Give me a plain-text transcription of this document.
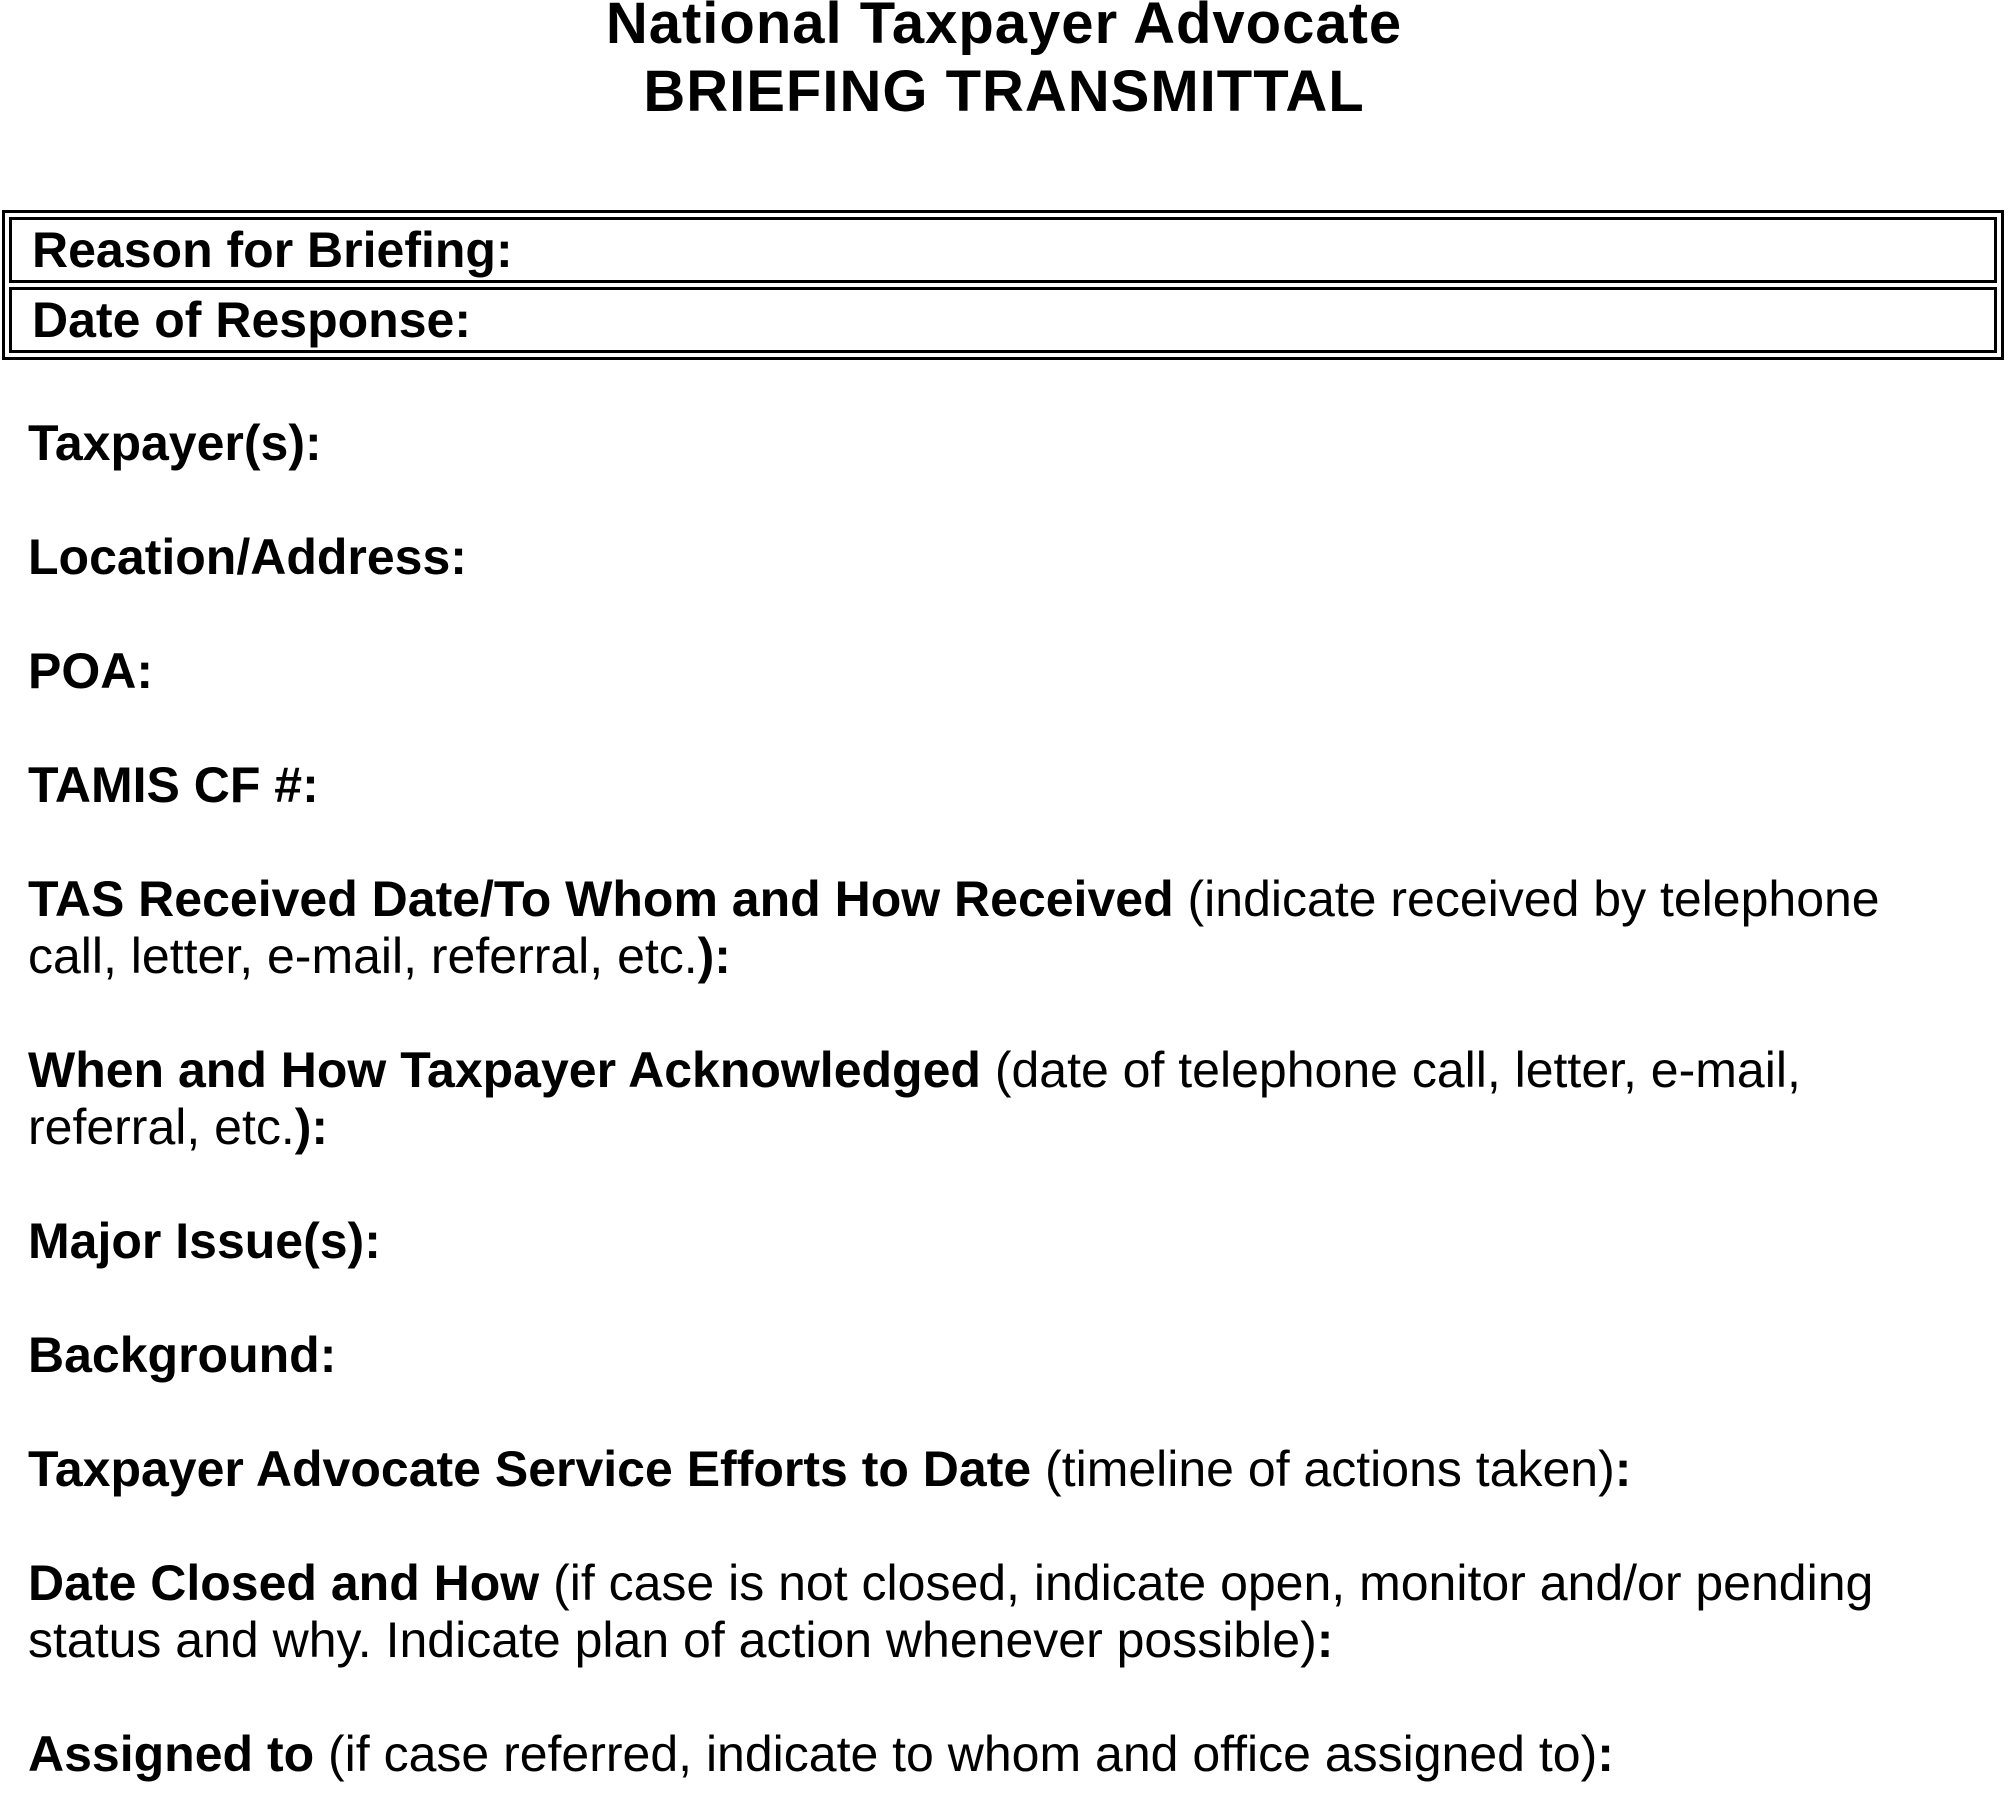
National Taxpayer Advocate
BRIEFING TRANSMITTAL
Reason for Briefing:
Date of Response:

Taxpayer(s):

Location/Address:

POA:

TAMIS CF #:

TAS Received Date/To Whom and How Received (indicate received by telephone call, letter, e-mail, referral, etc.):

When and How Taxpayer Acknowledged (date of telephone call, letter, e-mail, referral, etc.):

Major Issue(s):

Background:

Taxpayer Advocate Service Efforts to Date (timeline of actions taken):

Date Closed and How (if case is not closed, indicate open, monitor and/or pending status and why. Indicate plan of action whenever possible):

Assigned to (if case referred, indicate to whom and office assigned to):
